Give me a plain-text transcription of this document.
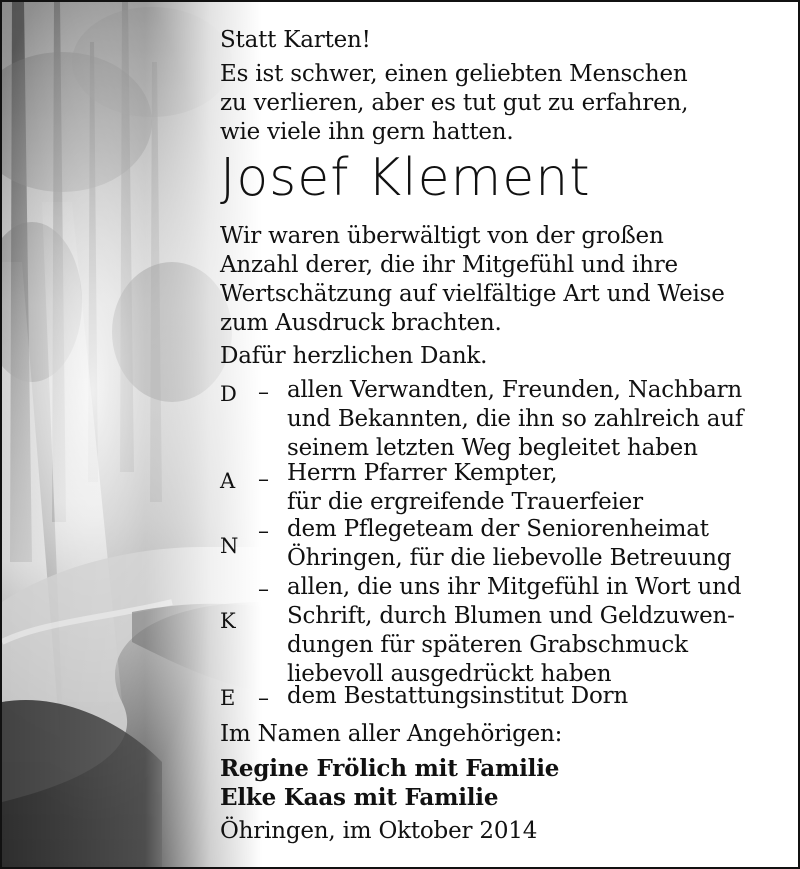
Statt Karten!
Es ist schwer, einen geliebten Menschen
zu verlieren, aber es tut gut zu erfahren,
wie viele ihn gern hatten.
Josef Klement
Wir waren überwältigt von der großen
Anzahl derer, die ihr Mitgefühl und ihre
Wertschätzung auf vielfältige Art und Weise
zum Ausdruck brachten.
Dafür herzlichen Dank.
D
A
N
K
E
– allen Verwandten, Freunden, Nachbarn
und Bekannten, die ihn so zahlreich auf
seinem letzten Weg begleitet haben
– Herrn Pfarrer Kempter,
für die ergreifende Trauerfeier
– dem Pflegeteam der Seniorenheimat
Öhringen, für die liebevolle Betreuung
– allen, die uns ihr Mitgefühl in Wort und
Schrift, durch Blumen und Geldzuwen-
dungen für späteren Grabschmuck
liebevoll ausgedrückt haben
– dem Bestattungsinstitut Dorn
Im Namen aller Angehörigen:
Regine Frölich mit Familie
Elke Kaas mit Familie
Öhringen, im Oktober 2014
